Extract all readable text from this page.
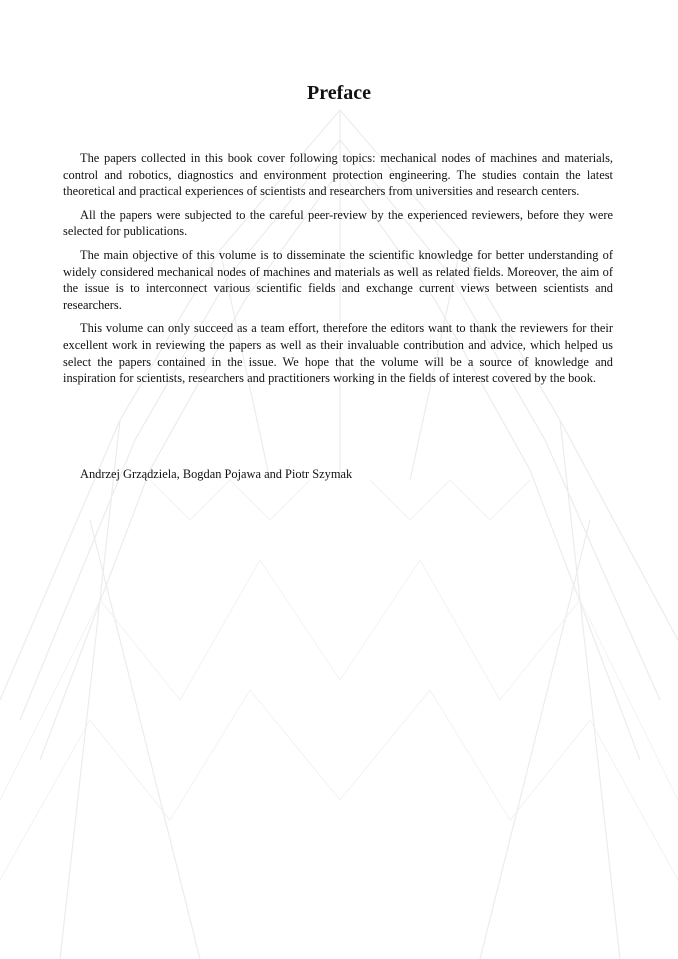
Preface

The papers collected in this book cover following topics: mechanical nodes of machines and materials, control and robotics, diagnostics and environment protection engineering. The studies contain the latest theoretical and practical experiences of scientists and researchers from universities and research centers.

All the papers were subjected to the careful peer-review by the experienced reviewers, before they were selected for publications.

The main objective of this volume is to disseminate the scientific knowledge for better understanding of widely considered mechanical nodes of machines and materials as well as related fields. Moreover, the aim of the issue is to interconnect various scientific fields and exchange current views between scientists and researchers.

This volume can only succeed as a team effort, therefore the editors want to thank the reviewers for their excellent work in reviewing the papers as well as their invaluable contribution and advice, which helped us select the papers contained in the issue. We hope that the volume will be a source of knowledge and inspiration for scientists, researchers and practitioners working in the fields of interest covered by the book.

Andrzej Grządziela, Bogdan Pojawa and Piotr Szymak
